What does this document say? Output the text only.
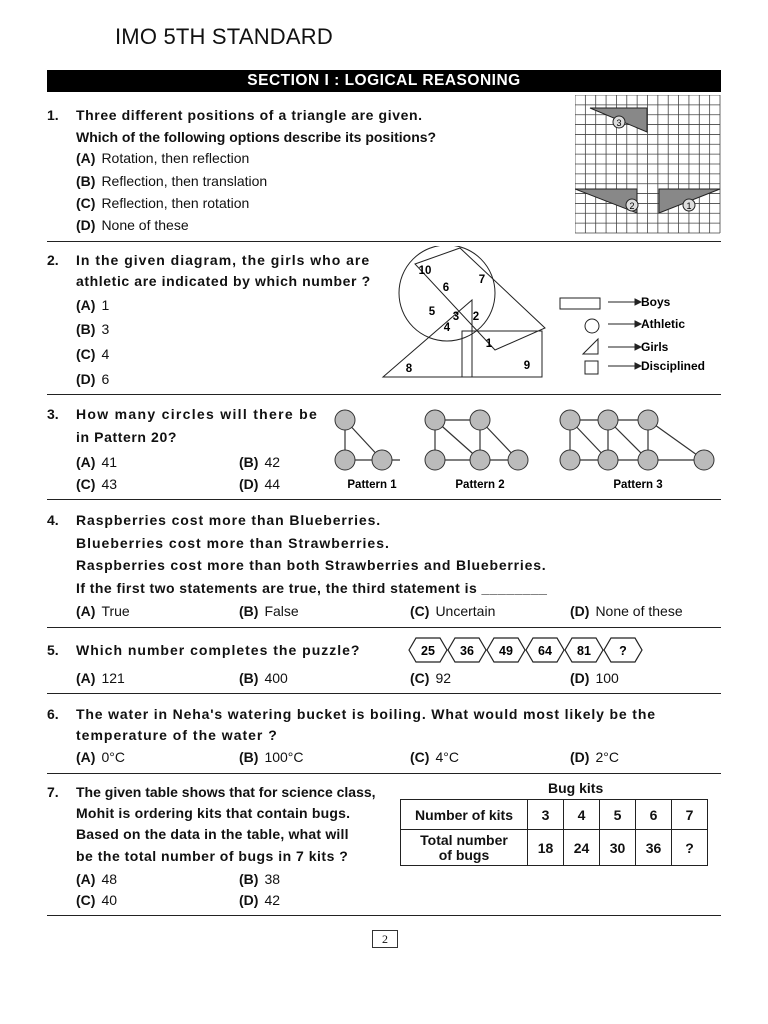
IMO 5TH STANDARD
SECTION I : LOGICAL REASONING
1. Three different positions of a triangle are given.
Which of the following options describe its positions?
(A) Rotation, then reflection
(B) Reflection, then translation
(C) Reflection, then rotation
(D) None of these
3
2	1
2. In the given diagram, the girls who are
athletic are indicated by which number ?
(A) 1
(B) 3
(C) 4
(D) 6
10
7
6
5 3 2
4
1
8	9
Boys
Athletic
Girls
Disciplined
3. How many circles will there be
in Pattern 20?
(A) 41	(B) 42
(C) 43	(D) 44	Pattern 1	Pattern 2	Pattern 3
4. Raspberries cost more than Blueberries.
Blueberries cost more than Strawberries.
Raspberries cost more than both Strawberries and Blueberries.
If the first two statements are true, the third statement is ________
(A) True	(B) False	(C) Uncertain	(D) None of these
5. Which number completes the puzzle?	25 36 49 64 81 ?
(A) 121	(B) 400	(C) 92	(D) 100
6. The water in Neha's watering bucket is boiling. What would most likely be the
temperature of the water ?
(A) 0°C	(B) 100°C	(C) 4°C	(D) 2°C
7. The given table shows that for science class,
Mohit is ordering kits that contain bugs.
Based on the data in the table, what will
be the total number of bugs in 7 kits ?
(A) 48	(B) 38
(C) 40	(D) 42
Bug kits
Number of kits	3	4	5	6	7

Total number
of bugs	18	24	30	36	?
2
